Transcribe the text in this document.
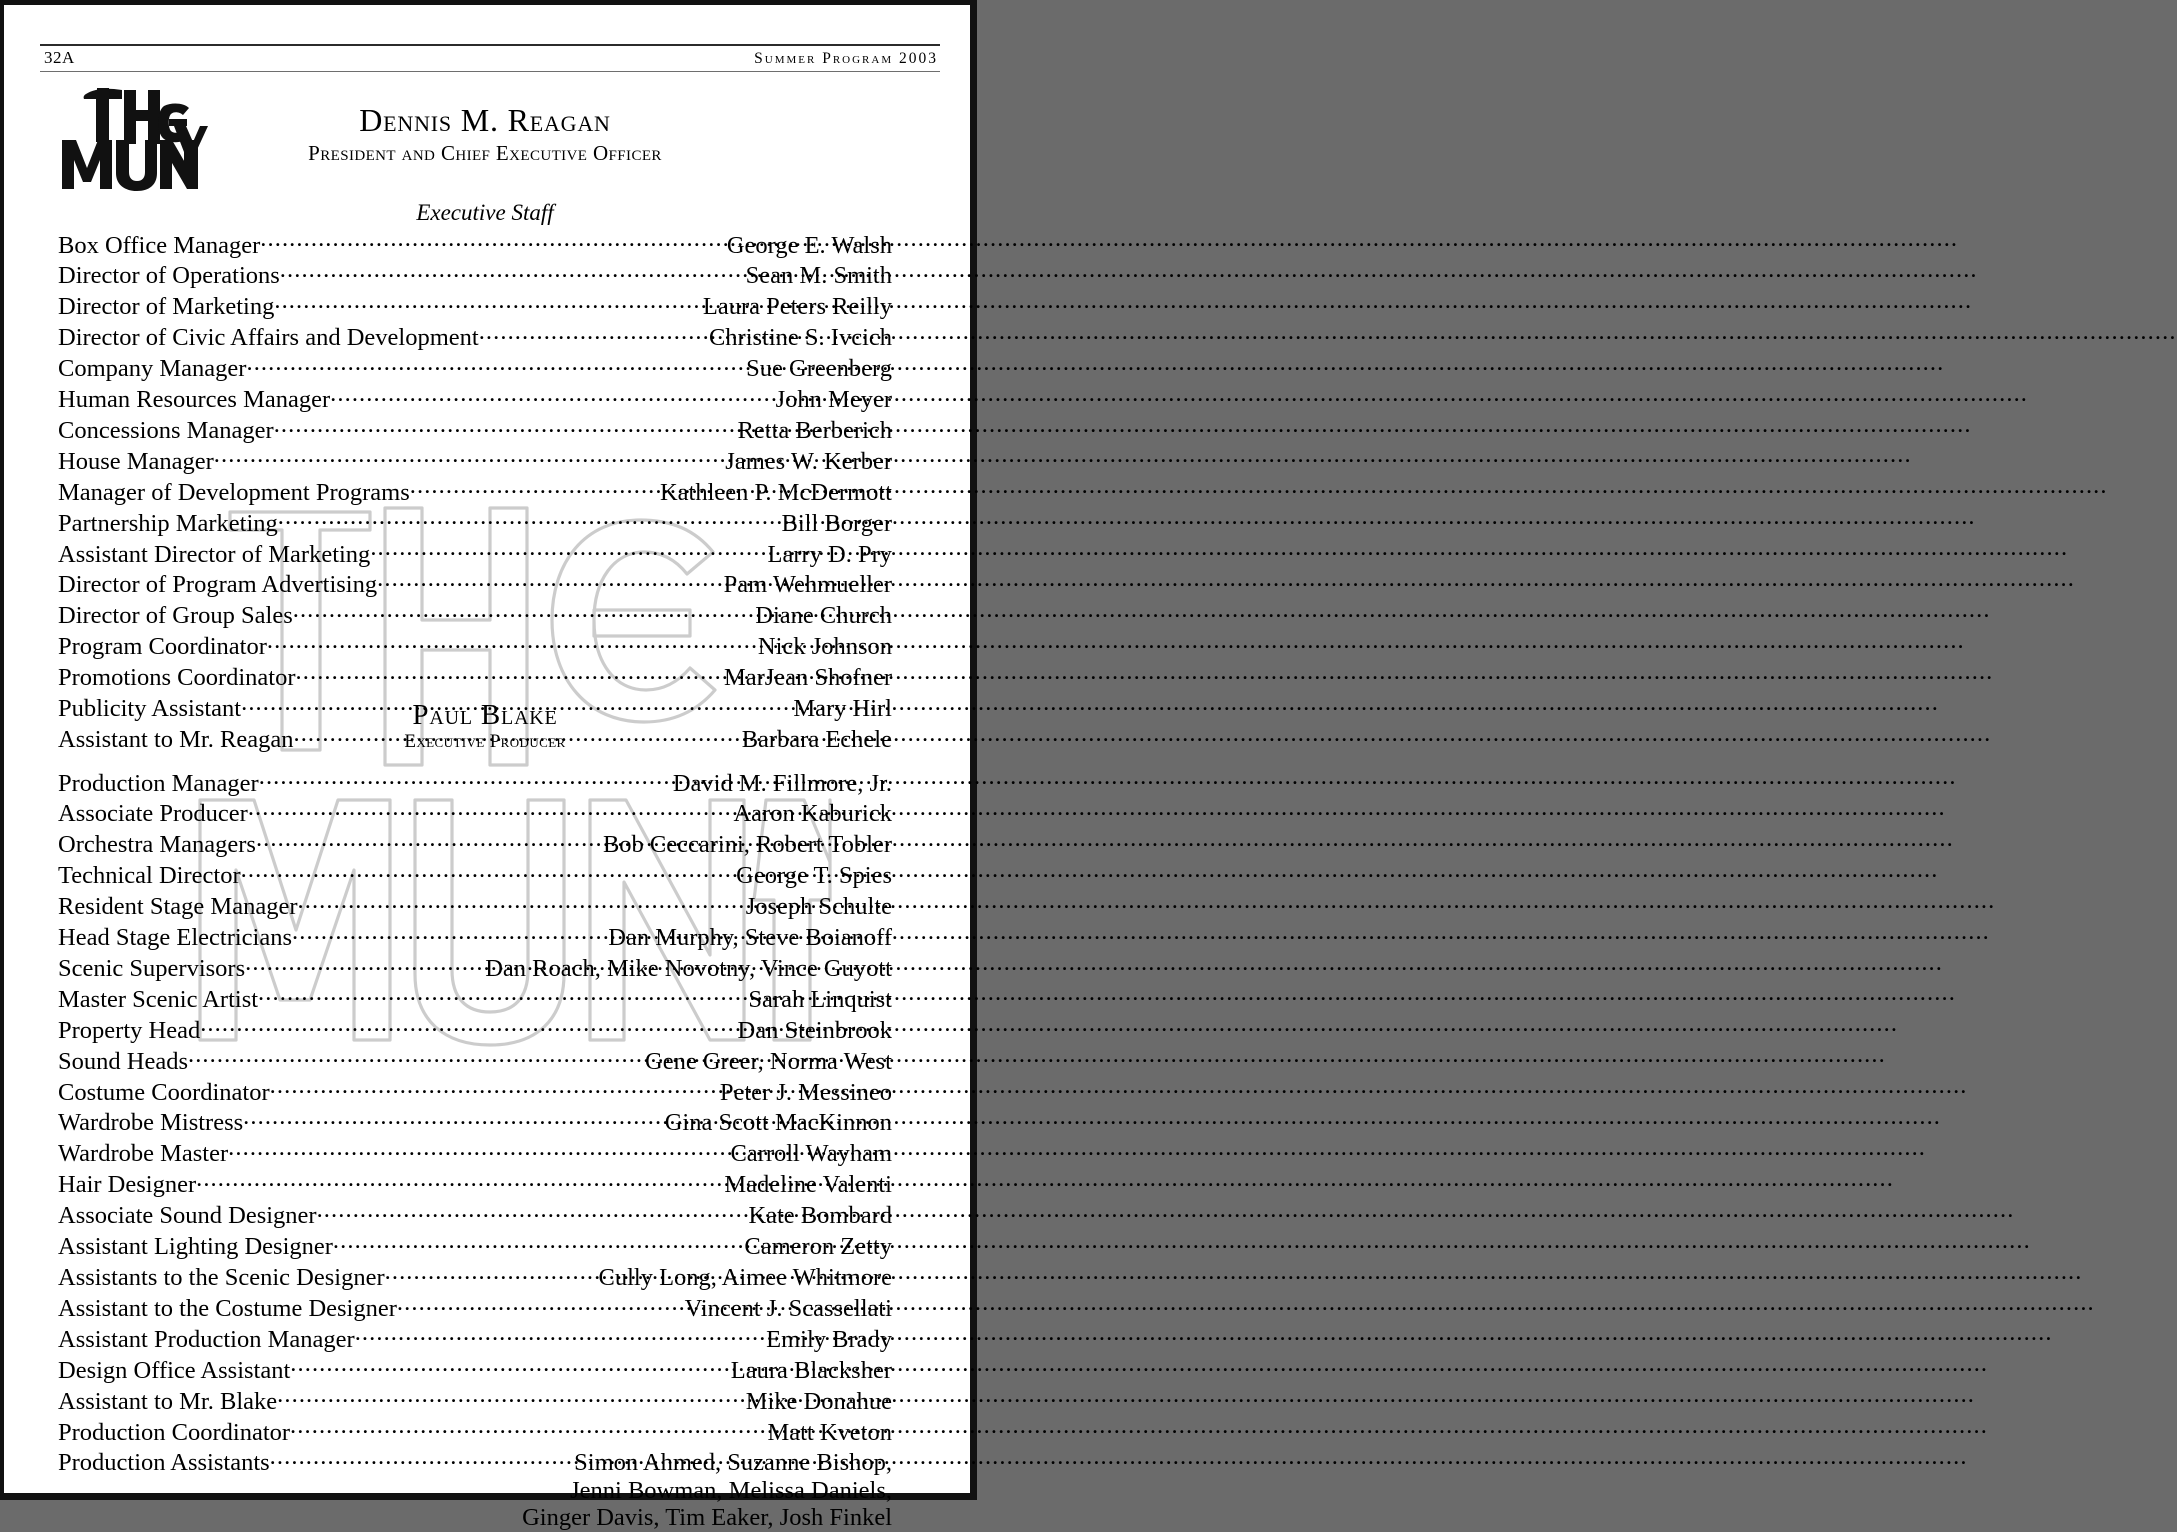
32A	Summer Program 2003
Dennis M. Reagan
President and Chief Executive Officer
Executive Staff
Box Office Manager .....	George E. Walsh
Director of Operations .....	Sean M. Smith
Director of Marketing .....	Laura Peters Reilly
Director of Civic Affairs and Development .....	Christine S. Ivcich
Company Manager .....	Sue Greenberg
Human Resources Manager .....	John Meyer
Concessions Manager .....	Retta Berberich
House Manager .....	James W. Kerber
Manager of Development Programs .....	Kathleen P. McDermott
Partnership Marketing .....	Bill Borger
Assistant Director of Marketing .....	Larry D. Pry
Director of Program Advertising .....	Pam Wehmueller
Director of Group Sales .....	Diane Church
Program Coordinator .....	Nick Johnson
Promotions Coordinator .....	MarJean Shofner
Publicity Assistant .....	Mary Hirl
Assistant to Mr. Reagan .....	Barbara Echele
Paul Blake
Executive Producer
Production Manager .....	David M. Fillmore, Jr.
Associate Producer .....	Aaron Kaburick
Orchestra Managers .....	Bob Ceccarini, Robert Tobler
Technical Director .....	George T. Spies
Resident Stage Manager .....	Joseph Schulte
Head Stage Electricians .....	Dan Murphy, Steve Boianoff
Scenic Supervisors .....	Dan Roach, Mike Novotny, Vince Guyott
Master Scenic Artist .....	Sarah Linquist
Property Head .....	Dan Steinbrook
Sound Heads .....	Gene Greer, Norma West
Costume Coordinator .....	Peter J. Messineo
Wardrobe Mistress .....	Gina Scott MacKinnon
Wardrobe Master .....	Carroll Wayham
Hair Designer .....	Madeline Valenti
Associate Sound Designer .....	Kate Bombard
Assistant Lighting Designer .....	Cameron Zetty
Assistants to the Scenic Designer .....	Cully Long, Aimee Whitmore
Assistant to the Costume Designer .....	Vincent J. Scassellati
Assistant Production Manager .....	Emily Brady
Design Office Assistant .....	Laura Blacksher
Assistant to Mr. Blake .....	Mike Donahue
Production Coordinator .....	Matt Kveton
Production Assistants .....	Simon Ahmed, Suzanne Bishop,
Jenni Bowman, Melissa Daniels,
Ginger Davis, Tim Eaker, Josh Finkel
